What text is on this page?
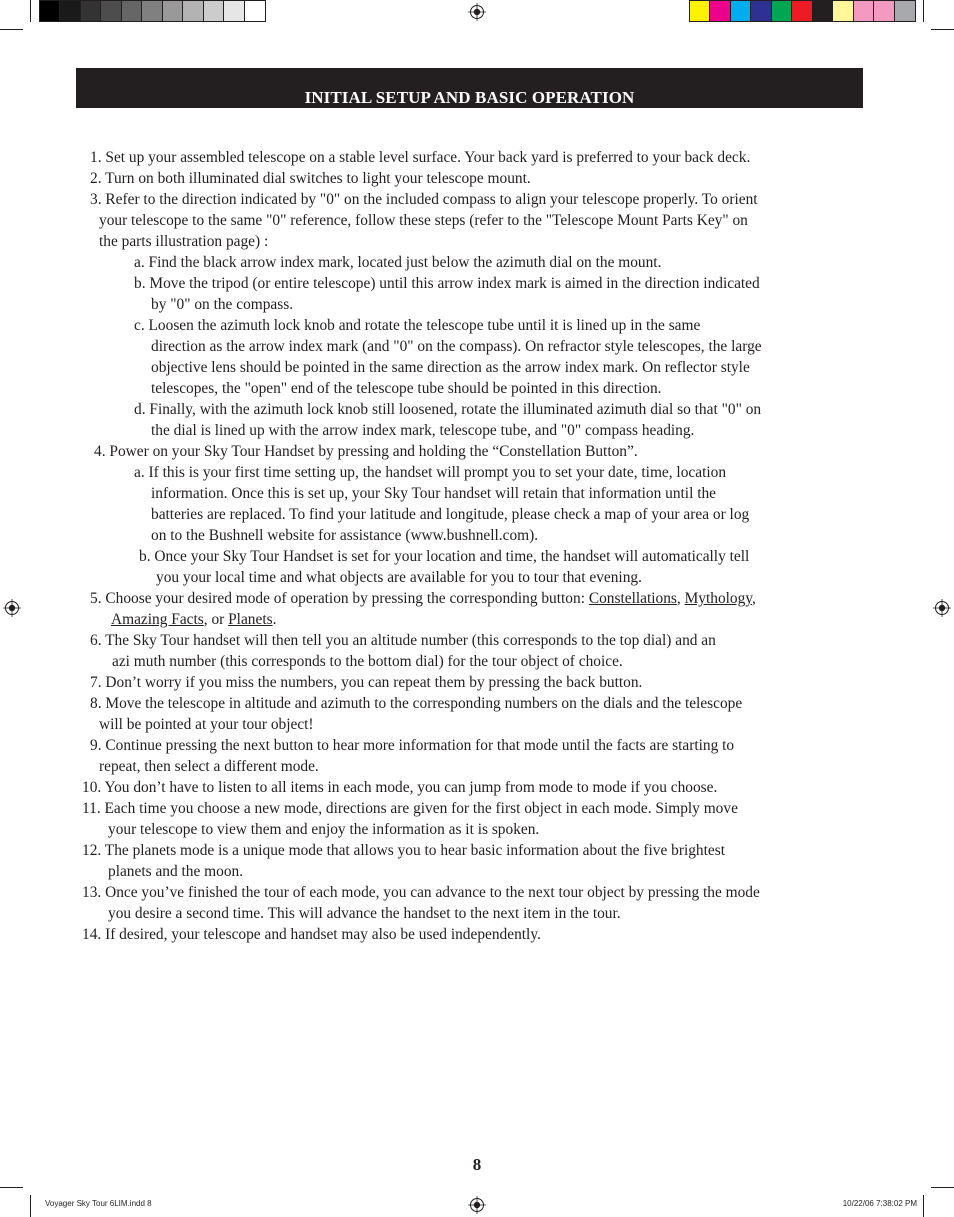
INITIAL SETUP AND BASIC OPERATION
1. Set up your assembled telescope on a stable level surface. Your back yard is preferred to your back deck.
2. Turn on both illuminated dial switches to light your telescope mount.
3. Refer to the direction indicated by "0" on the included compass to align your telescope properly. To orient
your telescope to the same "0" reference, follow these steps (refer to the "Telescope Mount Parts Key" on
the parts illustration page) :
a. Find the black arrow index mark, located just below the azimuth dial on the mount.
b. Move the tripod (or entire telescope) until this arrow index mark is aimed in the direction indicated
by "0" on the compass.
c. Loosen the azimuth lock knob and rotate the telescope tube until it is lined up in the same
direction as the arrow index mark (and "0" on the compass). On refractor style telescopes, the large
objective lens should be pointed in the same direction as the arrow index mark. On reflector style
telescopes, the "open" end of the telescope tube should be pointed in this direction.
d. Finally, with the azimuth lock knob still loosened, rotate the illuminated azimuth dial so that "0" on
the dial is lined up with the arrow index mark, telescope tube, and "0" compass heading.
4. Power on your Sky Tour Handset by pressing and holding the “Constellation Button”.
a. If this is your first time setting up, the handset will prompt you to set your date, time, location
information. Once this is set up, your Sky Tour handset will retain that information until the
batteries are replaced. To find your latitude and longitude, please check a map of your area or log
on to the Bushnell website for assistance (www.bushnell.com).
b. Once your Sky Tour Handset is set for your location and time, the handset will automatically tell
you your local time and what objects are available for you to tour that evening.
5. Choose your desired mode of operation by pressing the corresponding button: Constellations, Mythology,
Amazing Facts, or Planets.
6. The Sky Tour handset will then tell you an altitude number (this corresponds to the top dial) and an
azi muth number (this corresponds to the bottom dial) for the tour object of choice.
7. Don’t worry if you miss the numbers, you can repeat them by pressing the back button.
8. Move the telescope in altitude and azimuth to the corresponding numbers on the dials and the telescope
will be pointed at your tour object!
9. Continue pressing the next button to hear more information for that mode until the facts are starting to
repeat, then select a different mode.
10. You don’t have to listen to all items in each mode, you can jump from mode to mode if you choose.
11. Each time you choose a new mode, directions are given for the first object in each mode. Simply move
your telescope to view them and enjoy the information as it is spoken.
12. The planets mode is a unique mode that allows you to hear basic information about the five brightest
planets and the moon.
13. Once you’ve finished the tour of each mode, you can advance to the next tour object by pressing the mode
you desire a second time. This will advance the handset to the next item in the tour.
14. If desired, your telescope and handset may also be used independently.
8
Voyager Sky Tour 6LIM.indd 8	10/22/06 7:38:02 PM
